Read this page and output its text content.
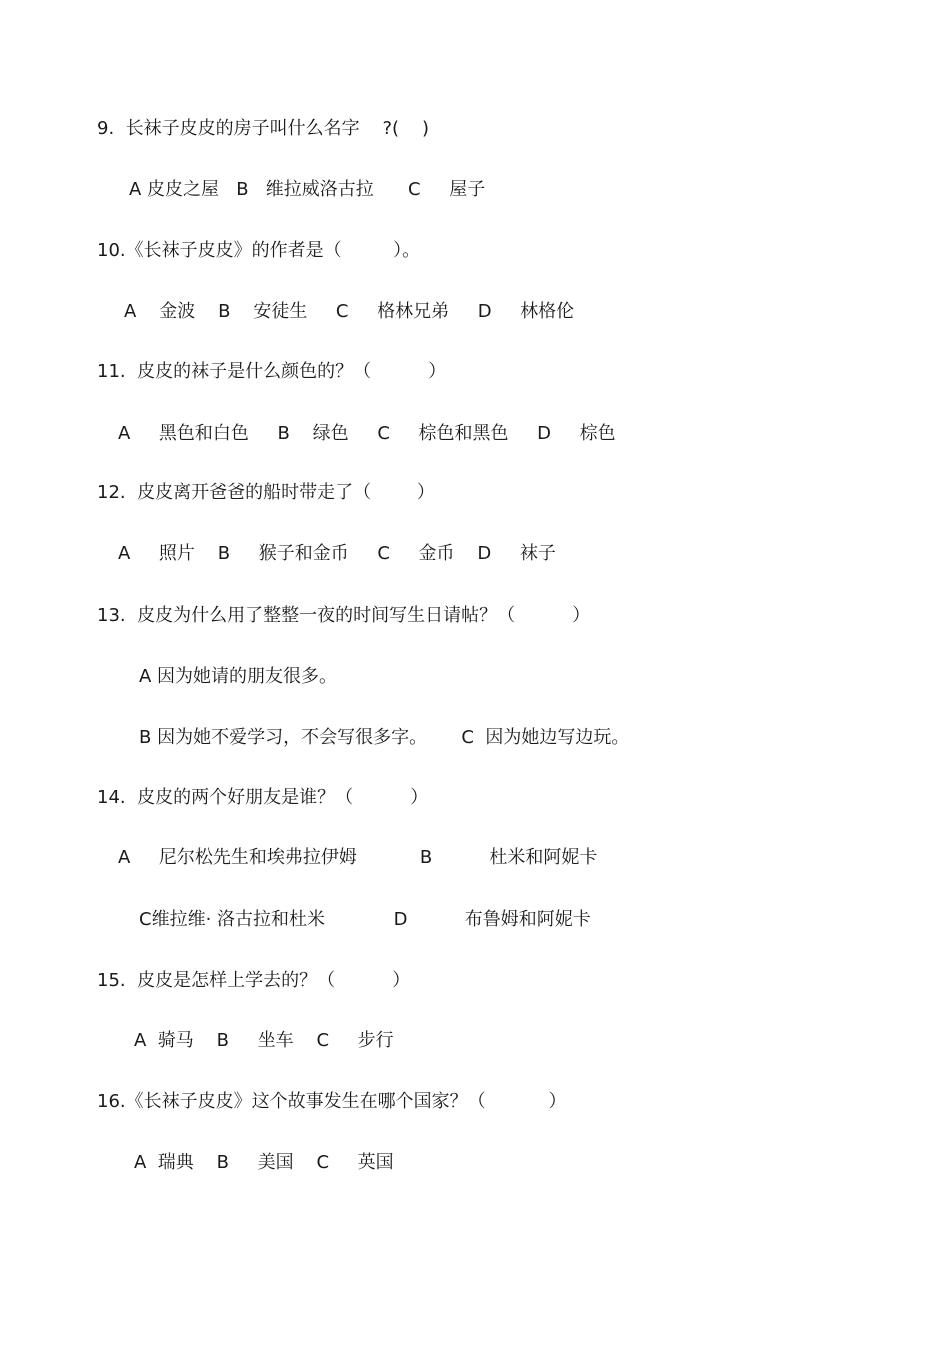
9.  长袜子皮皮的房子叫什么名字    ?(    )
A 皮皮之屋   B   维拉威洛古拉      C     屋子
10.《长袜子皮皮》的作者是（         ）。
A    金波    B    安徒生     C     格林兄弟     D     林格伦
11.  皮皮的袜子是什么颜色的？（          ）
A     黑色和白色     B    绿色     C     棕色和黑色     D     棕色
12.  皮皮离开爸爸的船时带走了（        ）
A     照片    B     猴子和金币     C     金币    D     袜子
13.  皮皮为什么用了整整一夜的时间写生日请帖？（          ）
A 因为她请的朋友很多。
B 因为她不爱学习，不会写很多字。      C  因为她边写边玩。
14.  皮皮的两个好朋友是谁？（          ）
A     尼尔松先生和埃弗拉伊姆           B          杜米和阿妮卡
C维拉维· 洛古拉和杜米            D          布鲁姆和阿妮卡
15.  皮皮是怎样上学去的？（          ）
A  骑马    B     坐车    C     步行
16.《长袜子皮皮》这个故事发生在哪个国家？（           ）
A  瑞典    B     美国    C     英国
